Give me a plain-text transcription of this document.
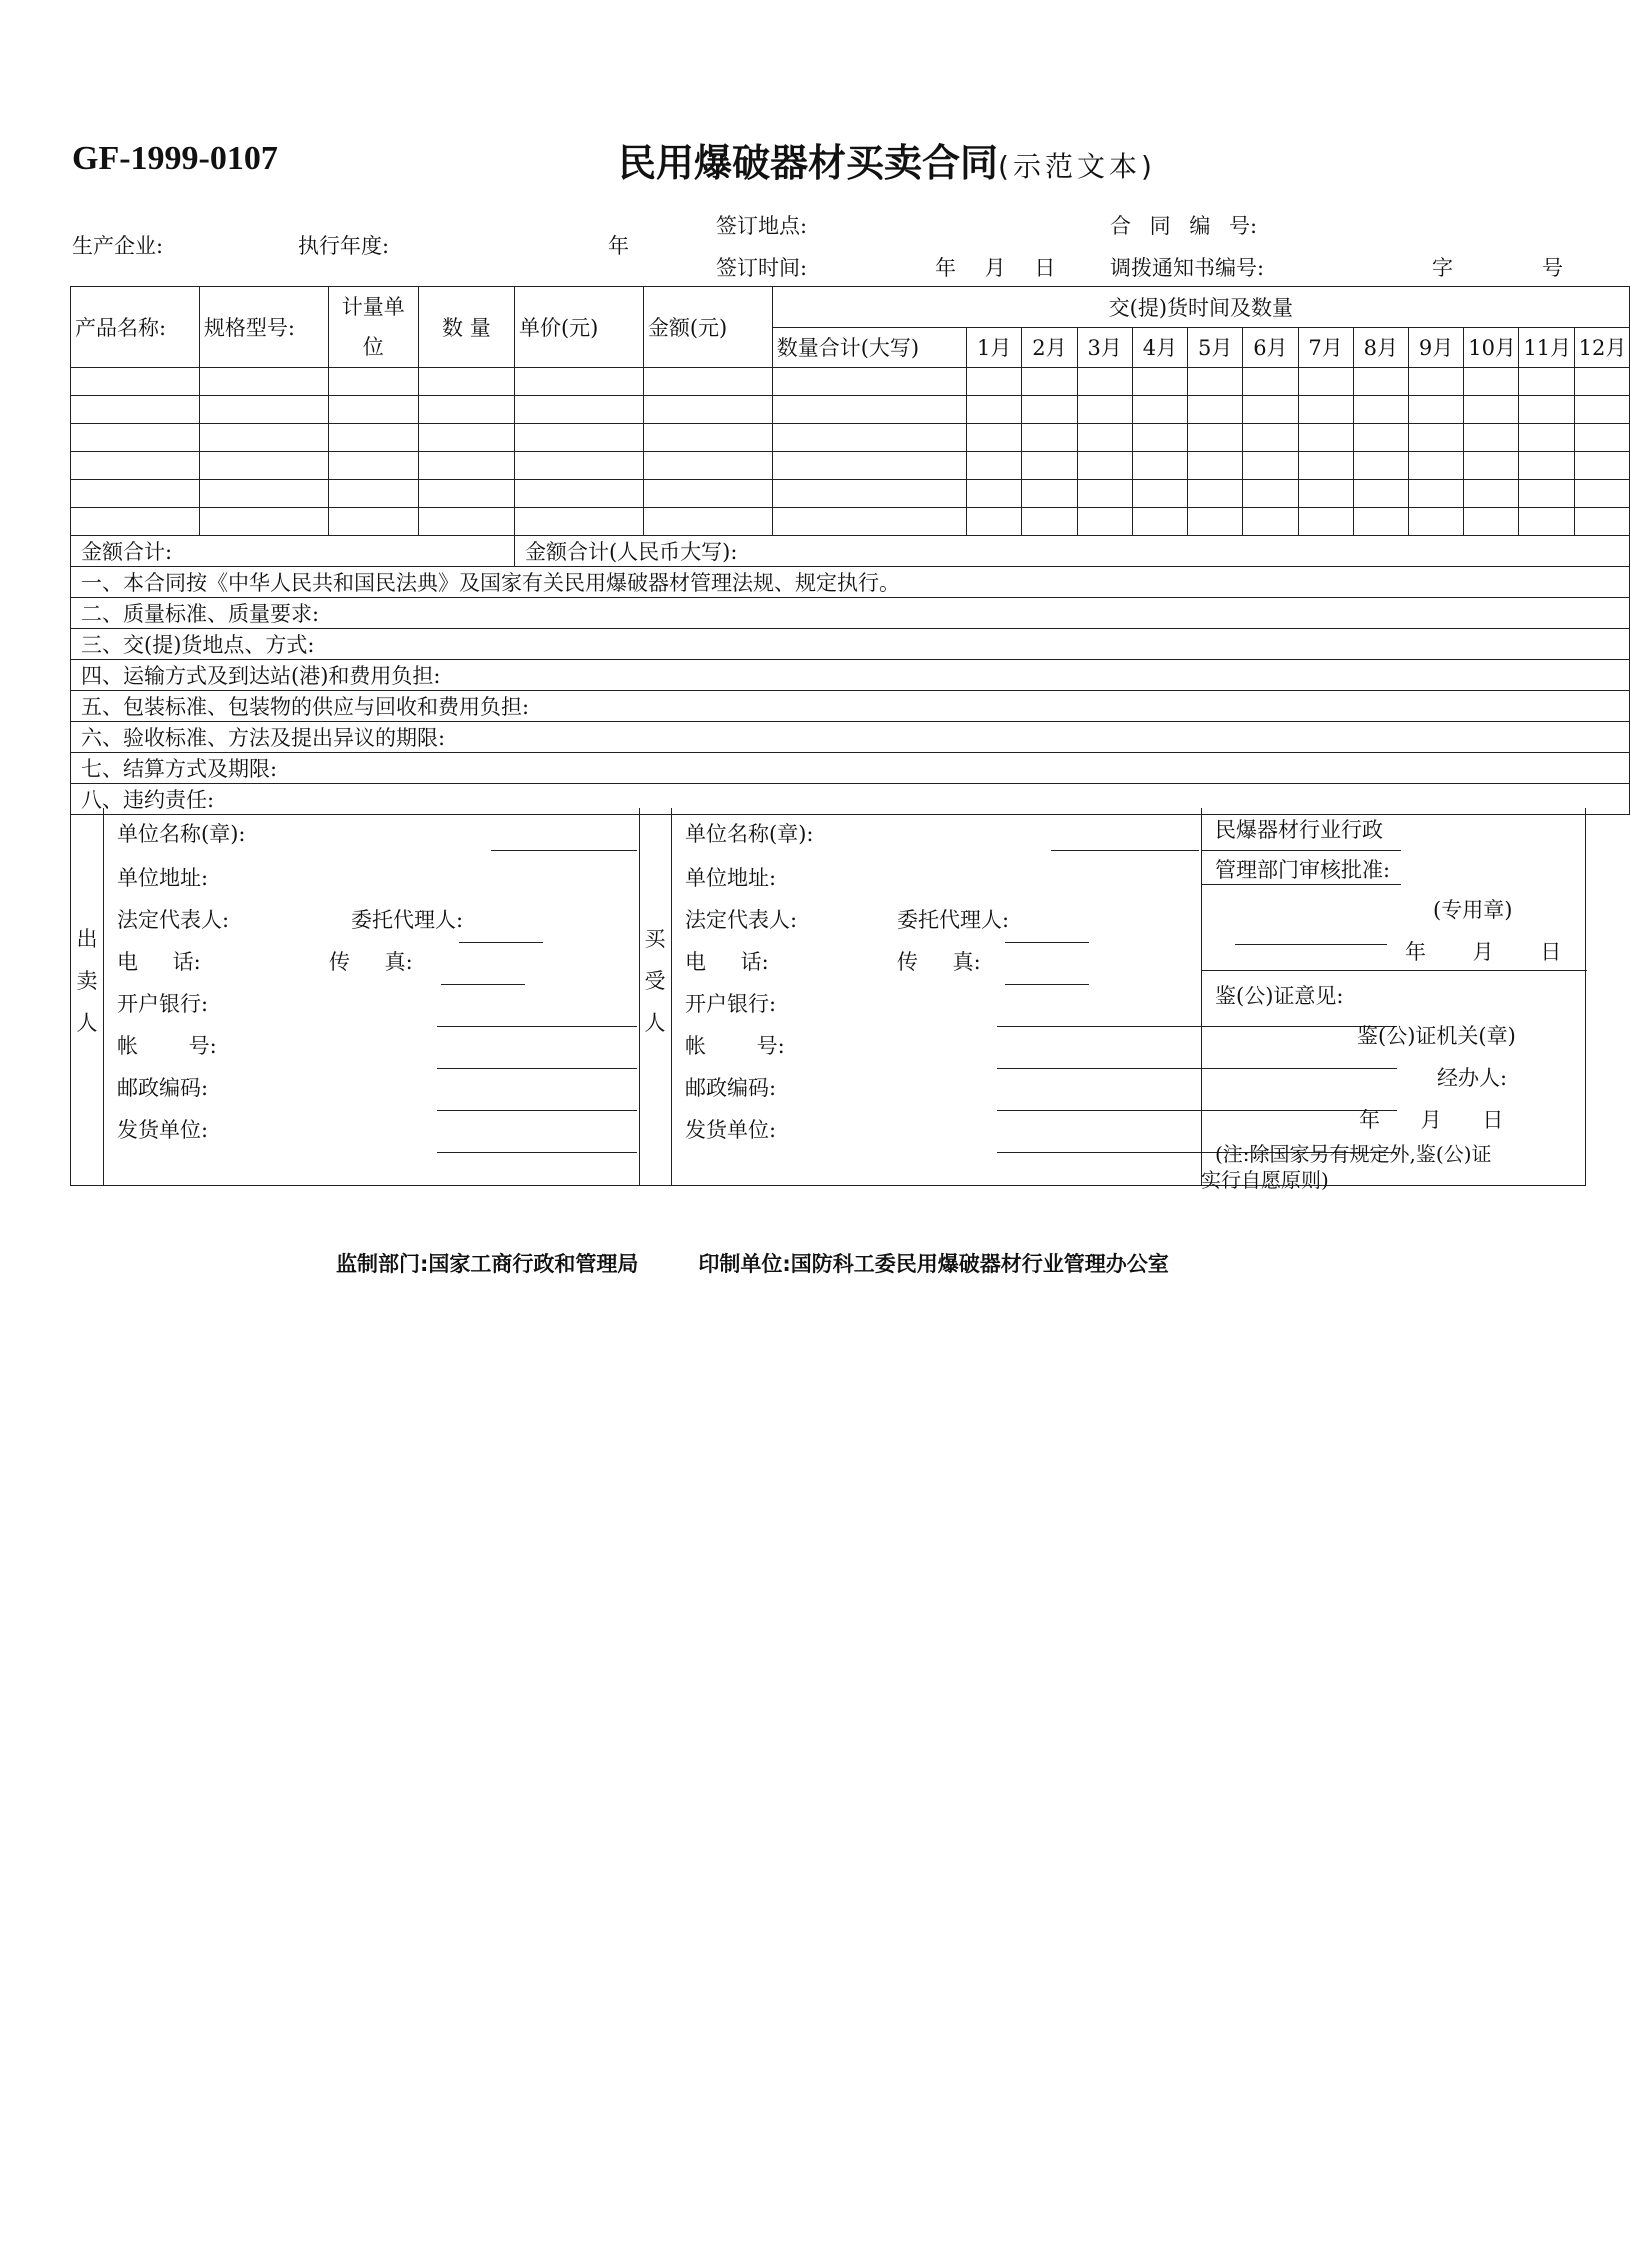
GF-1999-0107	民用爆破器材买卖合同(示范文本)
生产企业:	执行年度:	年
签订地点:	合 同 编 号:
签订时间:	年 月 日	调拨通知书编号:	字	号
产品名称:	规格型号:	计量单位	数 量	单价(元)	金额(元)	交(提)货时间及数量												
						数量合计(大写)	1月	2月	3月	4月	5月	6月	7月	8月	9月	10月	11月	12月

金额合计:				金额合计(人民币大写):														
一、本合同按《中华人民共和国民法典》及国家有关民用爆破器材管理法规、规定执行。																		
二、质量标准、质量要求:																		
三、交(提)货地点、方式:																		
四、运输方式及到达站(港)和费用负担:																		
五、包装标准、包装物的供应与回收和费用负担:																		
六、验收标准、方法及提出异议的期限:																		
七、结算方式及期限:																		
八、违约责任:																		
出
卖
人
单位名称(章):
单位地址:
法定代表人:	委托代理人:
电 话:	传 真:
开户银行:
帐 号:
邮政编码:
发货单位:
买
受
人
单位名称(章):
单位地址:
法定代表人:	委托代理人:
电 话:	传 真:
开户银行:
帐 号:
邮政编码:
发货单位:
民爆器材行业行政
管理部门审核批准:
(专用章)
年 月 日
鉴(公)证意见:
鉴(公)证机关(章)
经办人:
年 月 日
(注:除国家另有规定外,鉴(公)证
实行自愿原则)
监制部门:国家工商行政和管理局	印制单位:国防科工委民用爆破器材行业管理办公室
